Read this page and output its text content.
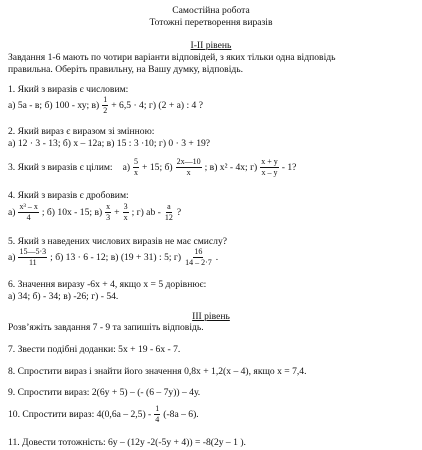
Самостійна робота
Тотожні перетворення виразів
I-II рівень
Завдання 1-6 мають по чотири варіанти відповідей, з яких тільки одна відповідь
правильна. Оберіть правильну, на Вашу думку, відповідь.
1. Який з виразів є числовим:
а) 5а - в; б) 100 - ху; $в) \frac{1}{2} + 6,5 \cdot 4$; г) (2 + а) : 4 ?
2. Який вираз є виразом зі змінною:
а) 12 · 3 - 13; б) х – 12а; в) 15 : 3 ·10; г) 0 · 3 + 19?
3. Який з виразів є цілим: $а) \frac{5}{х} + 15$; $б) \frac{2х—10}{х}$ ; в) х² - 4х; $г) \frac{х + у}{х - у} - 1$?
4. Який з виразів є дробовим:
$а) \frac{\text{х³ – х}}{4}$ ; б) 10х - 15; $в) \frac{х}{3} + \frac{3}{х}$ ; г) аb - $\frac{а}{12}$ ?
5. Який з наведених числових виразів не має смислу?
$а) \frac{15—5\cdot 3}{11}$ ; б) 13 · 6 - 12; в) (19 + 31) : 5; $г) \frac{16}{14 - 2\cdot 7}$ .
6. Значення виразу -6х + 4, якщо х = 5 дорівнює:
а) 34; б) - 34; в) -26; г) - 54.
III рівень
Розв’яжіть завдання 7 - 9 та запишіть відповідь.
7. Звести подібні доданки: 5х + 19 - 6х - 7.
8. Спростити вираз і знайти його значення 0,8х + 1,2(х – 4), якщо х = 7,4.
9. Спростити вираз: 2(6у + 5) – (- (6 – 7у)) – 4у.
10. Спростити вираз: $4(0,6а - 2,5) - \frac{1}{4} (-8а - 6)$.
11. Довести тотожність: 6у – (12у -2(-5у + 4)) = -8(2у – 1 ).
